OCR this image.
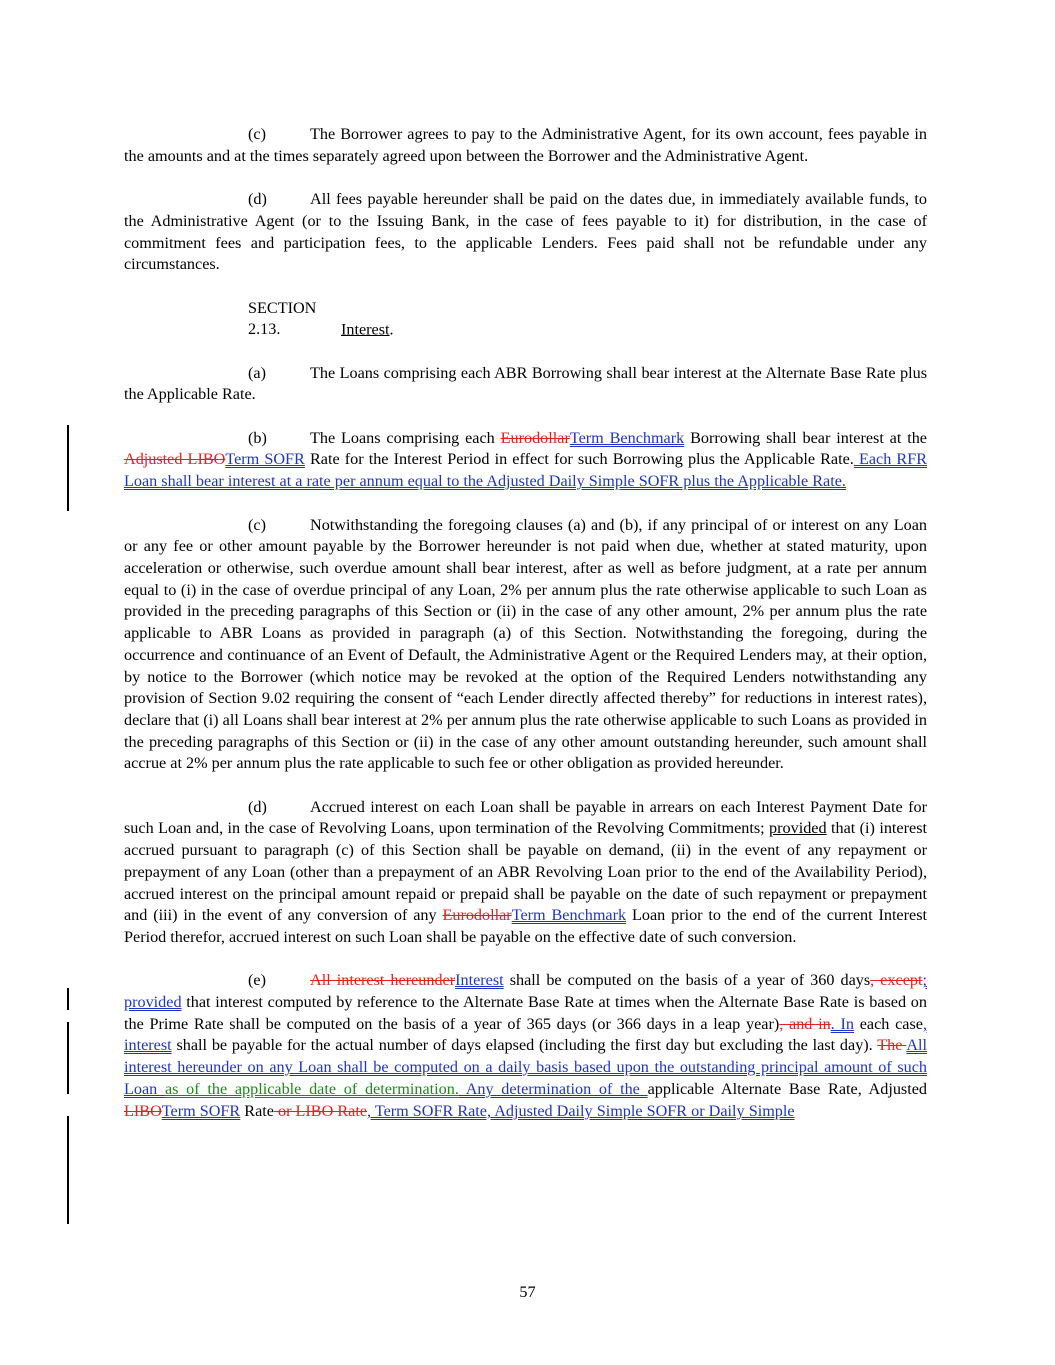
(c)	The Borrower agrees to pay to the Administrative Agent, for its own account, fees payable in the amounts and at the times separately agreed upon between the Borrower and the Administrative Agent.

(d)	All fees payable hereunder shall be paid on the dates due, in immediately available funds, to the Administrative Agent (or to the Issuing Bank, in the case of fees payable to it) for distribution, in the case of commitment fees and participation fees, to the applicable Lenders. Fees paid shall not be refundable under any circumstances.

SECTION 2.13.	Interest.

(a)	The Loans comprising each ABR Borrowing shall bear interest at the Alternate Base Rate plus the Applicable Rate.

(b)	The Loans comprising each EurodollarTerm Benchmark Borrowing shall bear interest at the Adjusted LIBOTerm SOFR Rate for the Interest Period in effect for such Borrowing plus the Applicable Rate. Each RFR Loan shall bear interest at a rate per annum equal to the Adjusted Daily Simple SOFR plus the Applicable Rate.

(c)	Notwithstanding the foregoing clauses (a) and (b), if any principal of or interest on any Loan or any fee or other amount payable by the Borrower hereunder is not paid when due, whether at stated maturity, upon acceleration or otherwise, such overdue amount shall bear interest, after as well as before judgment, at a rate per annum equal to (i) in the case of overdue principal of any Loan, 2% per annum plus the rate otherwise applicable to such Loan as provided in the preceding paragraphs of this Section or (ii) in the case of any other amount, 2% per annum plus the rate applicable to ABR Loans as provided in paragraph (a) of this Section. Notwithstanding the foregoing, during the occurrence and continuance of an Event of Default, the Administrative Agent or the Required Lenders may, at their option, by notice to the Borrower (which notice may be revoked at the option of the Required Lenders notwithstanding any provision of Section 9.02 requiring the consent of “each Lender directly affected thereby” for reductions in interest rates), declare that (i) all Loans shall bear interest at 2% per annum plus the rate otherwise applicable to such Loans as provided in the preceding paragraphs of this Section or (ii) in the case of any other amount outstanding hereunder, such amount shall accrue at 2% per annum plus the rate applicable to such fee or other obligation as provided hereunder.

(d)	Accrued interest on each Loan shall be payable in arrears on each Interest Payment Date for such Loan and, in the case of Revolving Loans, upon termination of the Revolving Commitments; provided that (i) interest accrued pursuant to paragraph (c) of this Section shall be payable on demand, (ii) in the event of any repayment or prepayment of any Loan (other than a prepayment of an ABR Revolving Loan prior to the end of the Availability Period), accrued interest on the principal amount repaid or prepaid shall be payable on the date of such repayment or prepayment and (iii) in the event of any conversion of any EurodollarTerm Benchmark Loan prior to the end of the current Interest Period therefor, accrued interest on such Loan shall be payable on the effective date of such conversion.

(e)	All interest hereunderInterest shall be computed on the basis of a year of 360 days, except; provided that interest computed by reference to the Alternate Base Rate at times when the Alternate Base Rate is based on the Prime Rate shall be computed on the basis of a year of 365 days (or 366 days in a leap year), and in. In each case, interest shall be payable for the actual number of days elapsed (including the first day but excluding the last day). The All interest hereunder on any Loan shall be computed on a daily basis based upon the outstanding principal amount of such Loan as of the applicable date of determination. Any determination of the applicable Alternate Base Rate, Adjusted LIBOTerm SOFR Rate or LIBO Rate, Term SOFR Rate, Adjusted Daily Simple SOFR or Daily Simple

57
